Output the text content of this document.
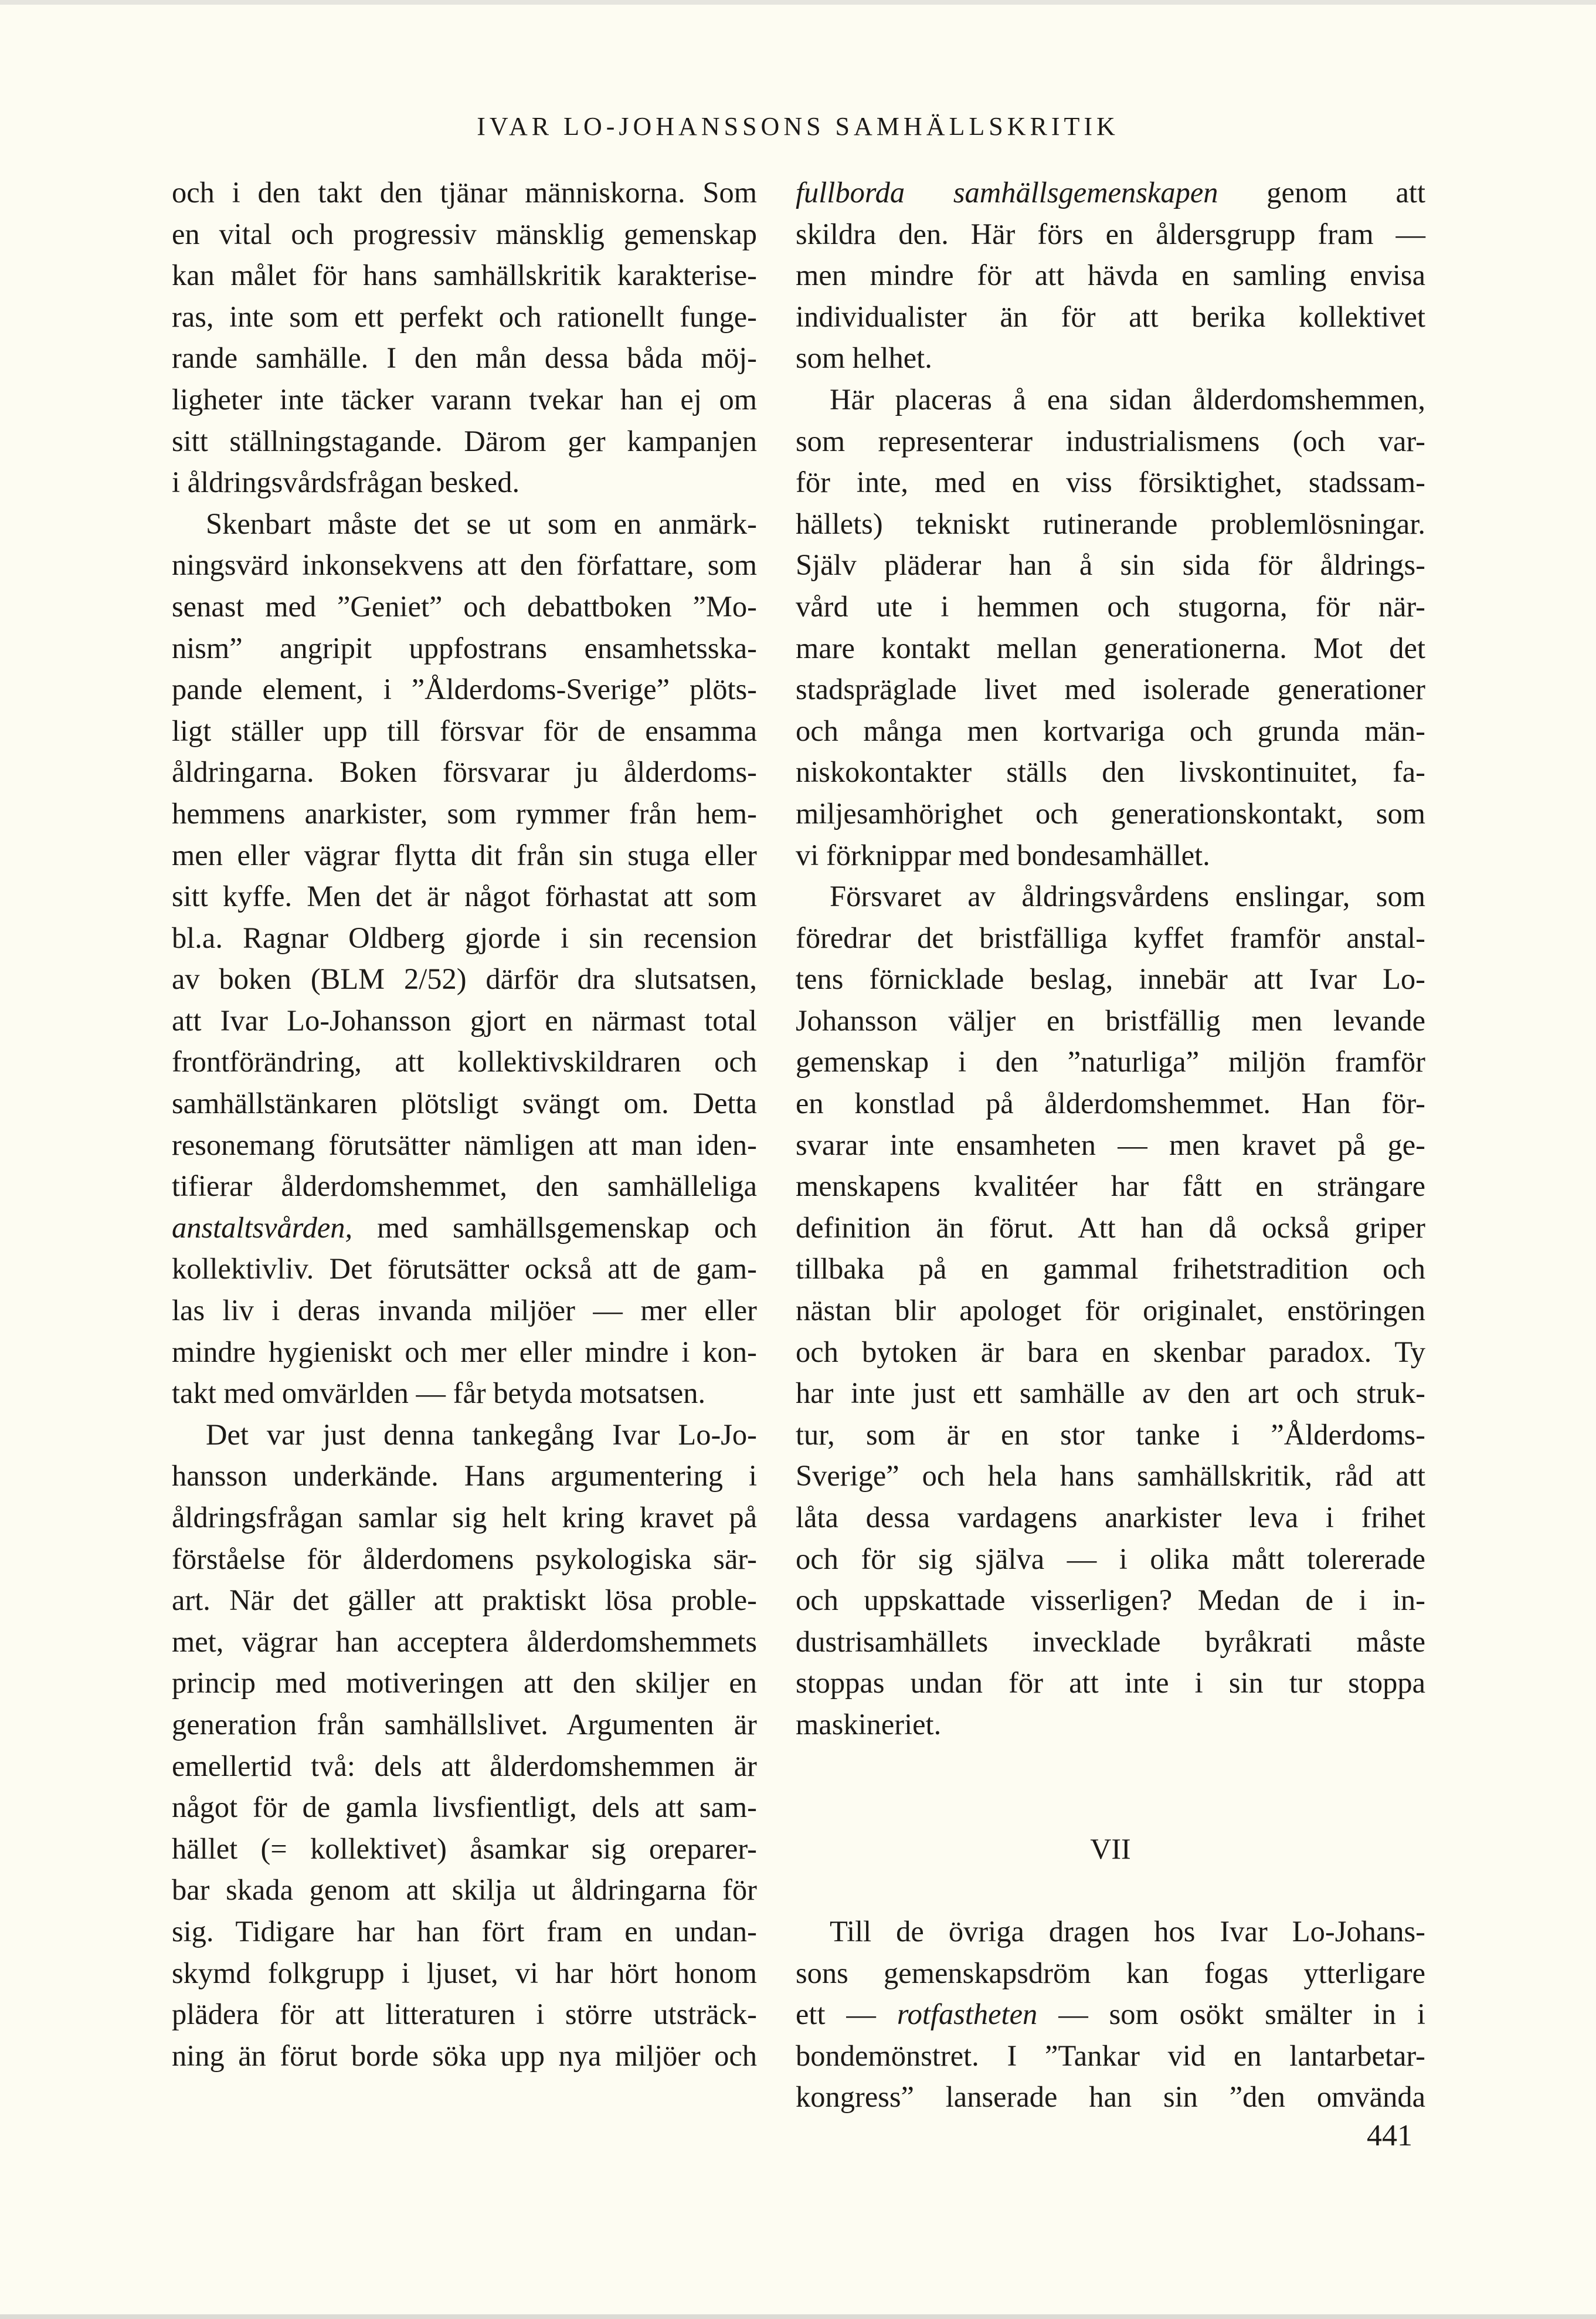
IVAR LO-JOHANSSONS SAMHÄLLSKRITIK
och i den takt den tjänar människorna. Som
en vital och progressiv mänsklig gemenskap
kan målet för hans samhällskritik karakterise-
ras, inte som ett perfekt och rationellt funge-
rande samhälle. I den mån dessa båda möj-
ligheter inte täcker varann tvekar han ej om
sitt ställningstagande. Därom ger kampanjen
i åldringsvårdsfrågan besked.
Skenbart måste det se ut som en anmärk-
ningsvärd inkonsekvens att den författare, som
senast med ”Geniet” och debattboken ”Mo-
nism” angripit uppfostrans ensamhetsska-
pande element, i ”Ålderdoms-Sverige” plöts-
ligt ställer upp till försvar för de ensamma
åldringarna. Boken försvarar ju ålderdoms-
hemmens anarkister, som rymmer från hem-
men eller vägrar flytta dit från sin stuga eller
sitt kyffe. Men det är något förhastat att som
bl.a. Ragnar Oldberg gjorde i sin recension
av boken (BLM 2/52) därför dra slutsatsen,
att Ivar Lo-Johansson gjort en närmast total
frontförändring, att kollektivskildraren och
samhällstänkaren plötsligt svängt om. Detta
resonemang förutsätter nämligen att man iden-
tifierar ålderdomshemmet, den samhälleliga
anstaltsvården, med samhällsgemenskap och
kollektivliv. Det förutsätter också att de gam-
las liv i deras invanda miljöer — mer eller
mindre hygieniskt och mer eller mindre i kon-
takt med omvärlden — får betyda motsatsen.
Det var just denna tankegång Ivar Lo-Jo-
hansson underkände. Hans argumentering i
åldringsfrågan samlar sig helt kring kravet på
förståelse för ålderdomens psykologiska sär-
art. När det gäller att praktiskt lösa proble-
met, vägrar han acceptera ålderdomshemmets
princip med motiveringen att den skiljer en
generation från samhällslivet. Argumenten är
emellertid två: dels att ålderdomshemmen är
något för de gamla livsfientligt, dels att sam-
hället (= kollektivet) åsamkar sig oreparer-
bar skada genom att skilja ut åldringarna för
sig. Tidigare har han fört fram en undan-
skymd folkgrupp i ljuset, vi har hört honom
plädera för att litteraturen i större utsträck-
ning än förut borde söka upp nya miljöer och
fullborda samhällsgemenskapen genom att
skildra den. Här förs en åldersgrupp fram —
men mindre för att hävda en samling envisa
individualister än för att berika kollektivet
som helhet.
Här placeras å ena sidan ålderdomshemmen,
som representerar industrialismens (och var-
för inte, med en viss försiktighet, stadssam-
hällets) tekniskt rutinerande problemlösningar.
Själv pläderar han å sin sida för åldrings-
vård ute i hemmen och stugorna, för när-
mare kontakt mellan generationerna. Mot det
stadspräglade livet med isolerade generationer
och många men kortvariga och grunda män-
niskokontakter ställs den livskontinuitet, fa-
miljesamhörighet och generationskontakt, som
vi förknippar med bondesamhället.
Försvaret av åldringsvårdens enslingar, som
föredrar det bristfälliga kyffet framför anstal-
tens förnicklade beslag, innebär att Ivar Lo-
Johansson väljer en bristfällig men levande
gemenskap i den ”naturliga” miljön framför
en konstlad på ålderdomshemmet. Han för-
svarar inte ensamheten — men kravet på ge-
menskapens kvalitéer har fått en strängare
definition än förut. Att han då också griper
tillbaka på en gammal frihetstradition och
nästan blir apologet för originalet, enstöringen
och bytoken är bara en skenbar paradox. Ty
har inte just ett samhälle av den art och struk-
tur, som är en stor tanke i ”Ålderdoms-
Sverige” och hela hans samhällskritik, råd att
låta dessa vardagens anarkister leva i frihet
och för sig själva — i olika mått tolererade
och uppskattade visserligen? Medan de i in-
dustrisamhällets invecklade byråkrati måste
stoppas undan för att inte i sin tur stoppa
maskineriet.
VII
Till de övriga dragen hos Ivar Lo-Johans-
sons gemenskapsdröm kan fogas ytterligare
ett — rotfastheten — som osökt smälter in i
bondemönstret. I ”Tankar vid en lantarbetar-
kongress” lanserade han sin ”den omvända
441
